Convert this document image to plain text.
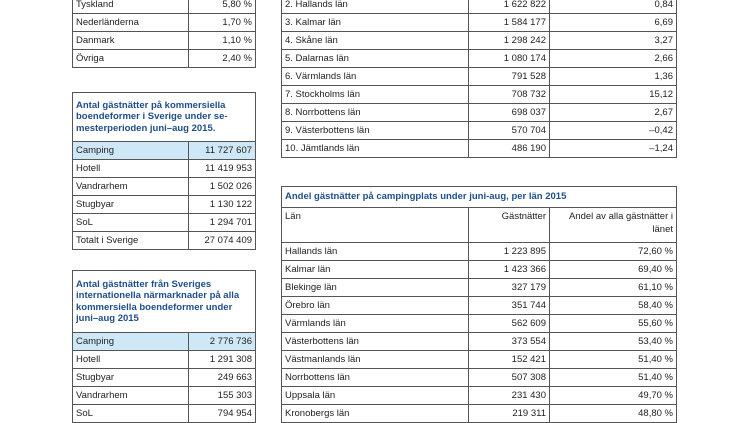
Tyskland	5,80 %
Nederländerna	1,70 %
Danmark	1,10 %
Övriga	2,40 %
Antal gästnätter på kommersiella boendeformer i Sverige under se-mesterperioden juni–aug 2015.	
Camping	11 727 607
Hotell	11 419 953
Vandrarhem	1 502 026
Stugbyar	1 130 122
SoL	1 294 701
Totalt i Sverige	27 074 409
Antal gästnätter från Sveriges internationella närmarknader på alla kommersiella boendeformer under juni–aug 2015	
Camping	2 776 736
Hotell	1 291 308
Stugbyar	249 663
Vandrarhem	155 303
SoL	794 954
2. Hallands län	1 622 822	0,84
3. Kalmar län	1 584 177	6,69
4. Skåne län	1 298 242	3,27
5. Dalarnas län	1 080 174	2,66
6. Värmlands län	791 528	1,36
7. Stockholms län	708 732	15,12
8. Norrbottens län	698 037	2,67
9. Västerbottens län	570 704	–0,42
10. Jämtlands län	486 190	–1,24
Andel gästnätter på campingplats under juni-aug, per län 2015		
Län	Gästnätter	Andel av alla gästnätter i länet
Hallands län	1 223 895	72,60 %
Kalmar län	1 423 366	69,40 %
Blekinge län	327 179	61,10 %
Örebro län	351 744	58,40 %
Värmlands län	562 609	55,60 %
Västerbottens län	373 554	53,40 %
Västmanlands län	152 421	51,40 %
Norrbottens län	507 308	51,40 %
Uppsala län	231 430	49,70 %
Kronobergs län	219 311	48,80 %
